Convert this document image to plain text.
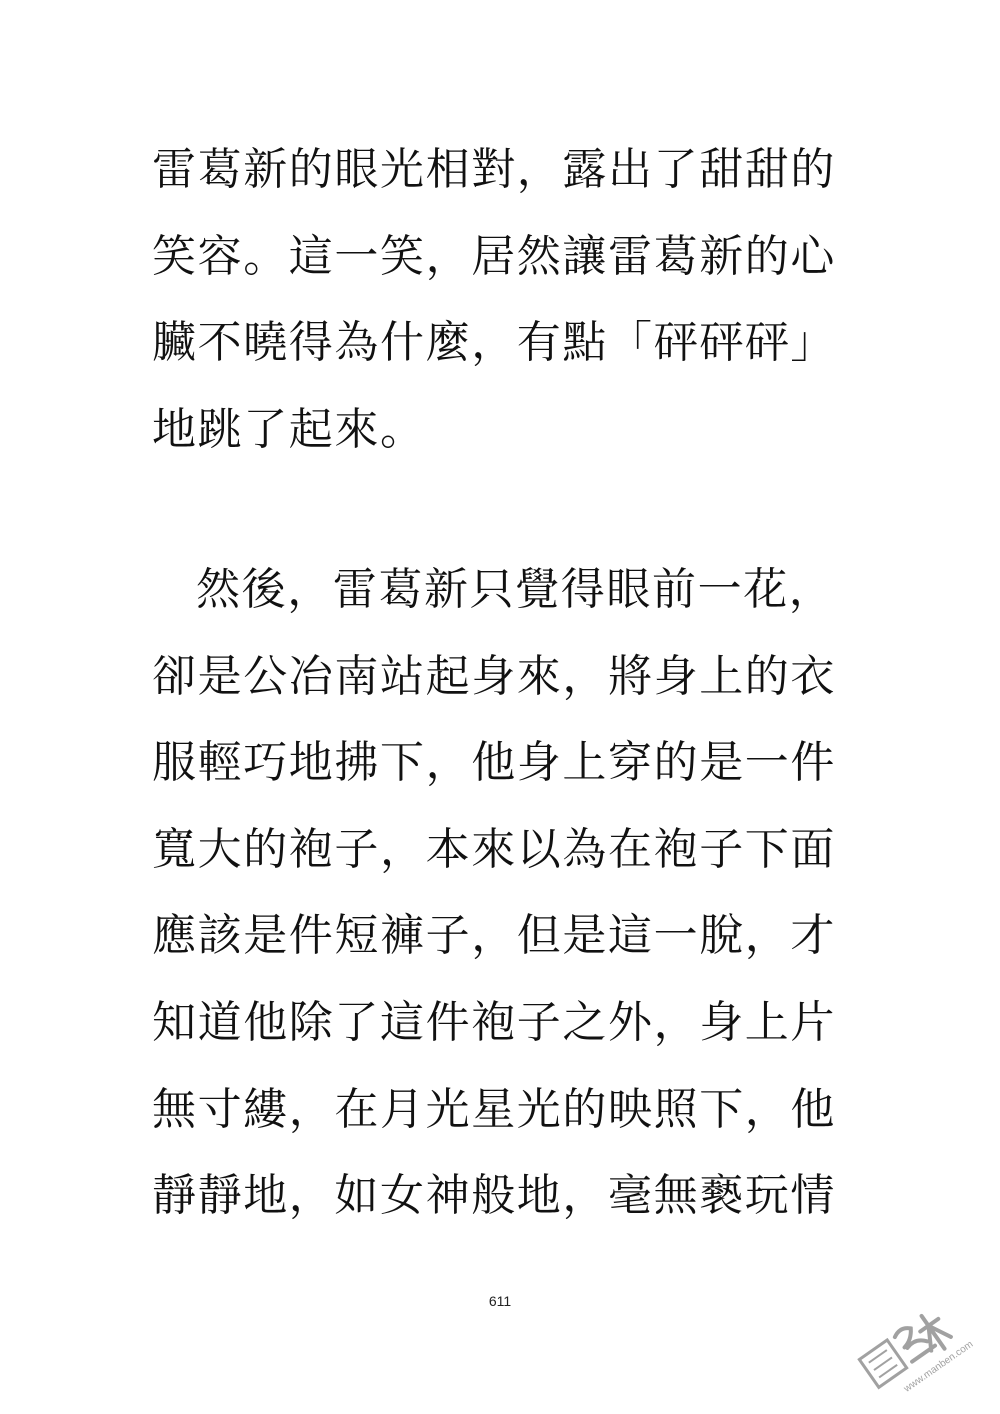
雷葛新的眼光相對，露出了甜甜的
笑容。這一笑，居然讓雷葛新的心
臟不曉得為什麼，有點「砰砰砰」
地跳了起來。
然後，雷葛新只覺得眼前一花，
卻是公冶南站起身來，將身上的衣
服輕巧地拂下，他身上穿的是一件
寬大的袍子，本來以為在袍子下面
應該是件短褲子，但是這一脫，才
知道他除了這件袍子之外，身上片
無寸縷，在月光星光的映照下，他
靜靜地，如女神般地，毫無褻玩情
611
www.manben.com
